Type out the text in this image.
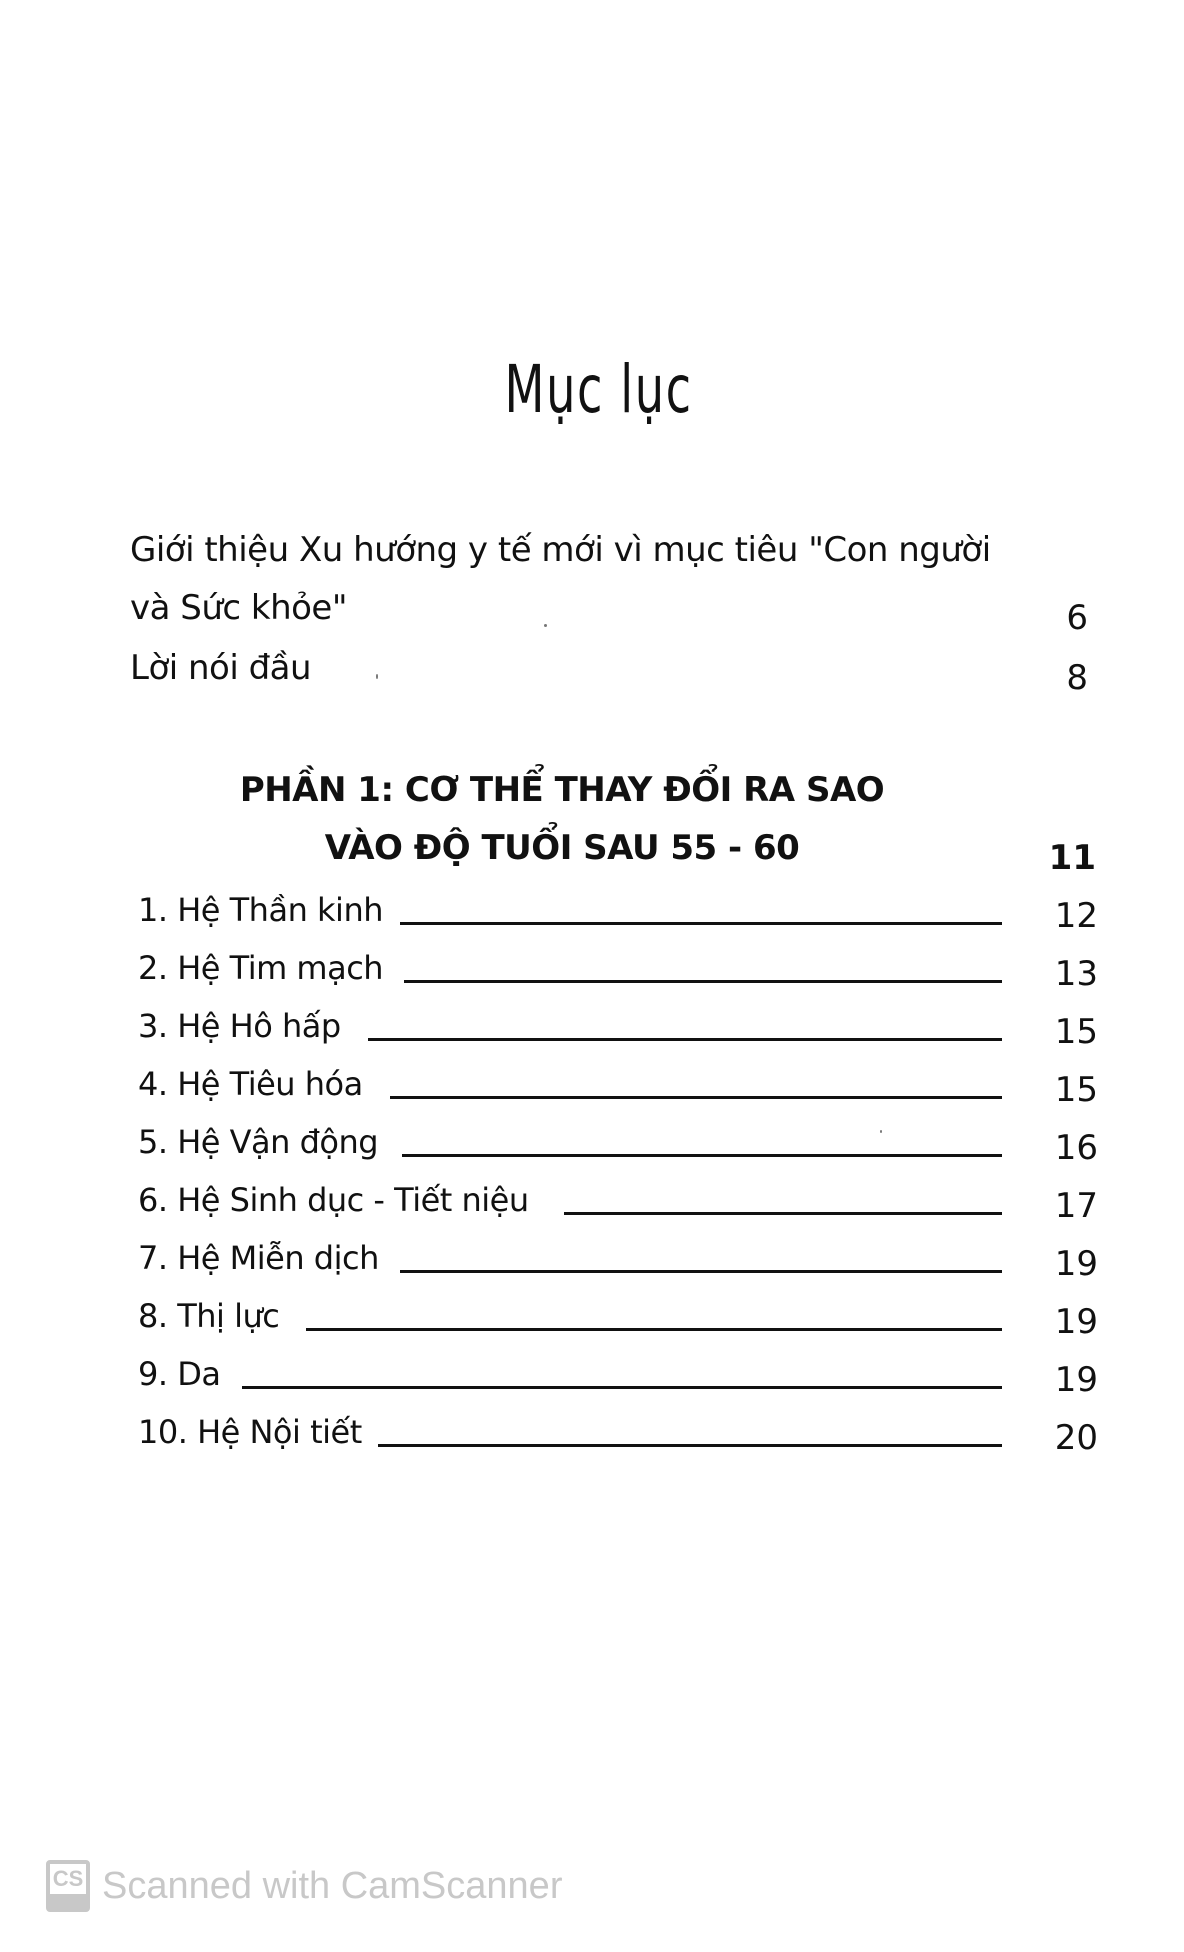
Mục lục
Giới thiệu Xu hướng y tế mới vì mục tiêu "Con người
và Sức khỏe"	6
Lời nói đầu	8
PHẦN 1: CƠ THỂ THAY ĐỔI RA SAO
VÀO ĐỘ TUỔI SAU 55 - 60	11
1. Hệ Thần kinh	12
2. Hệ Tim mạch	13
3. Hệ Hô hấp	15
4. Hệ Tiêu hóa	15
5. Hệ Vận động	16
6. Hệ Sinh dục - Tiết niệu	17
7. Hệ Miễn dịch	19
8. Thị lực	19
9. Da	19
10. Hệ Nội tiết	20
CS Scanned with CamScanner
